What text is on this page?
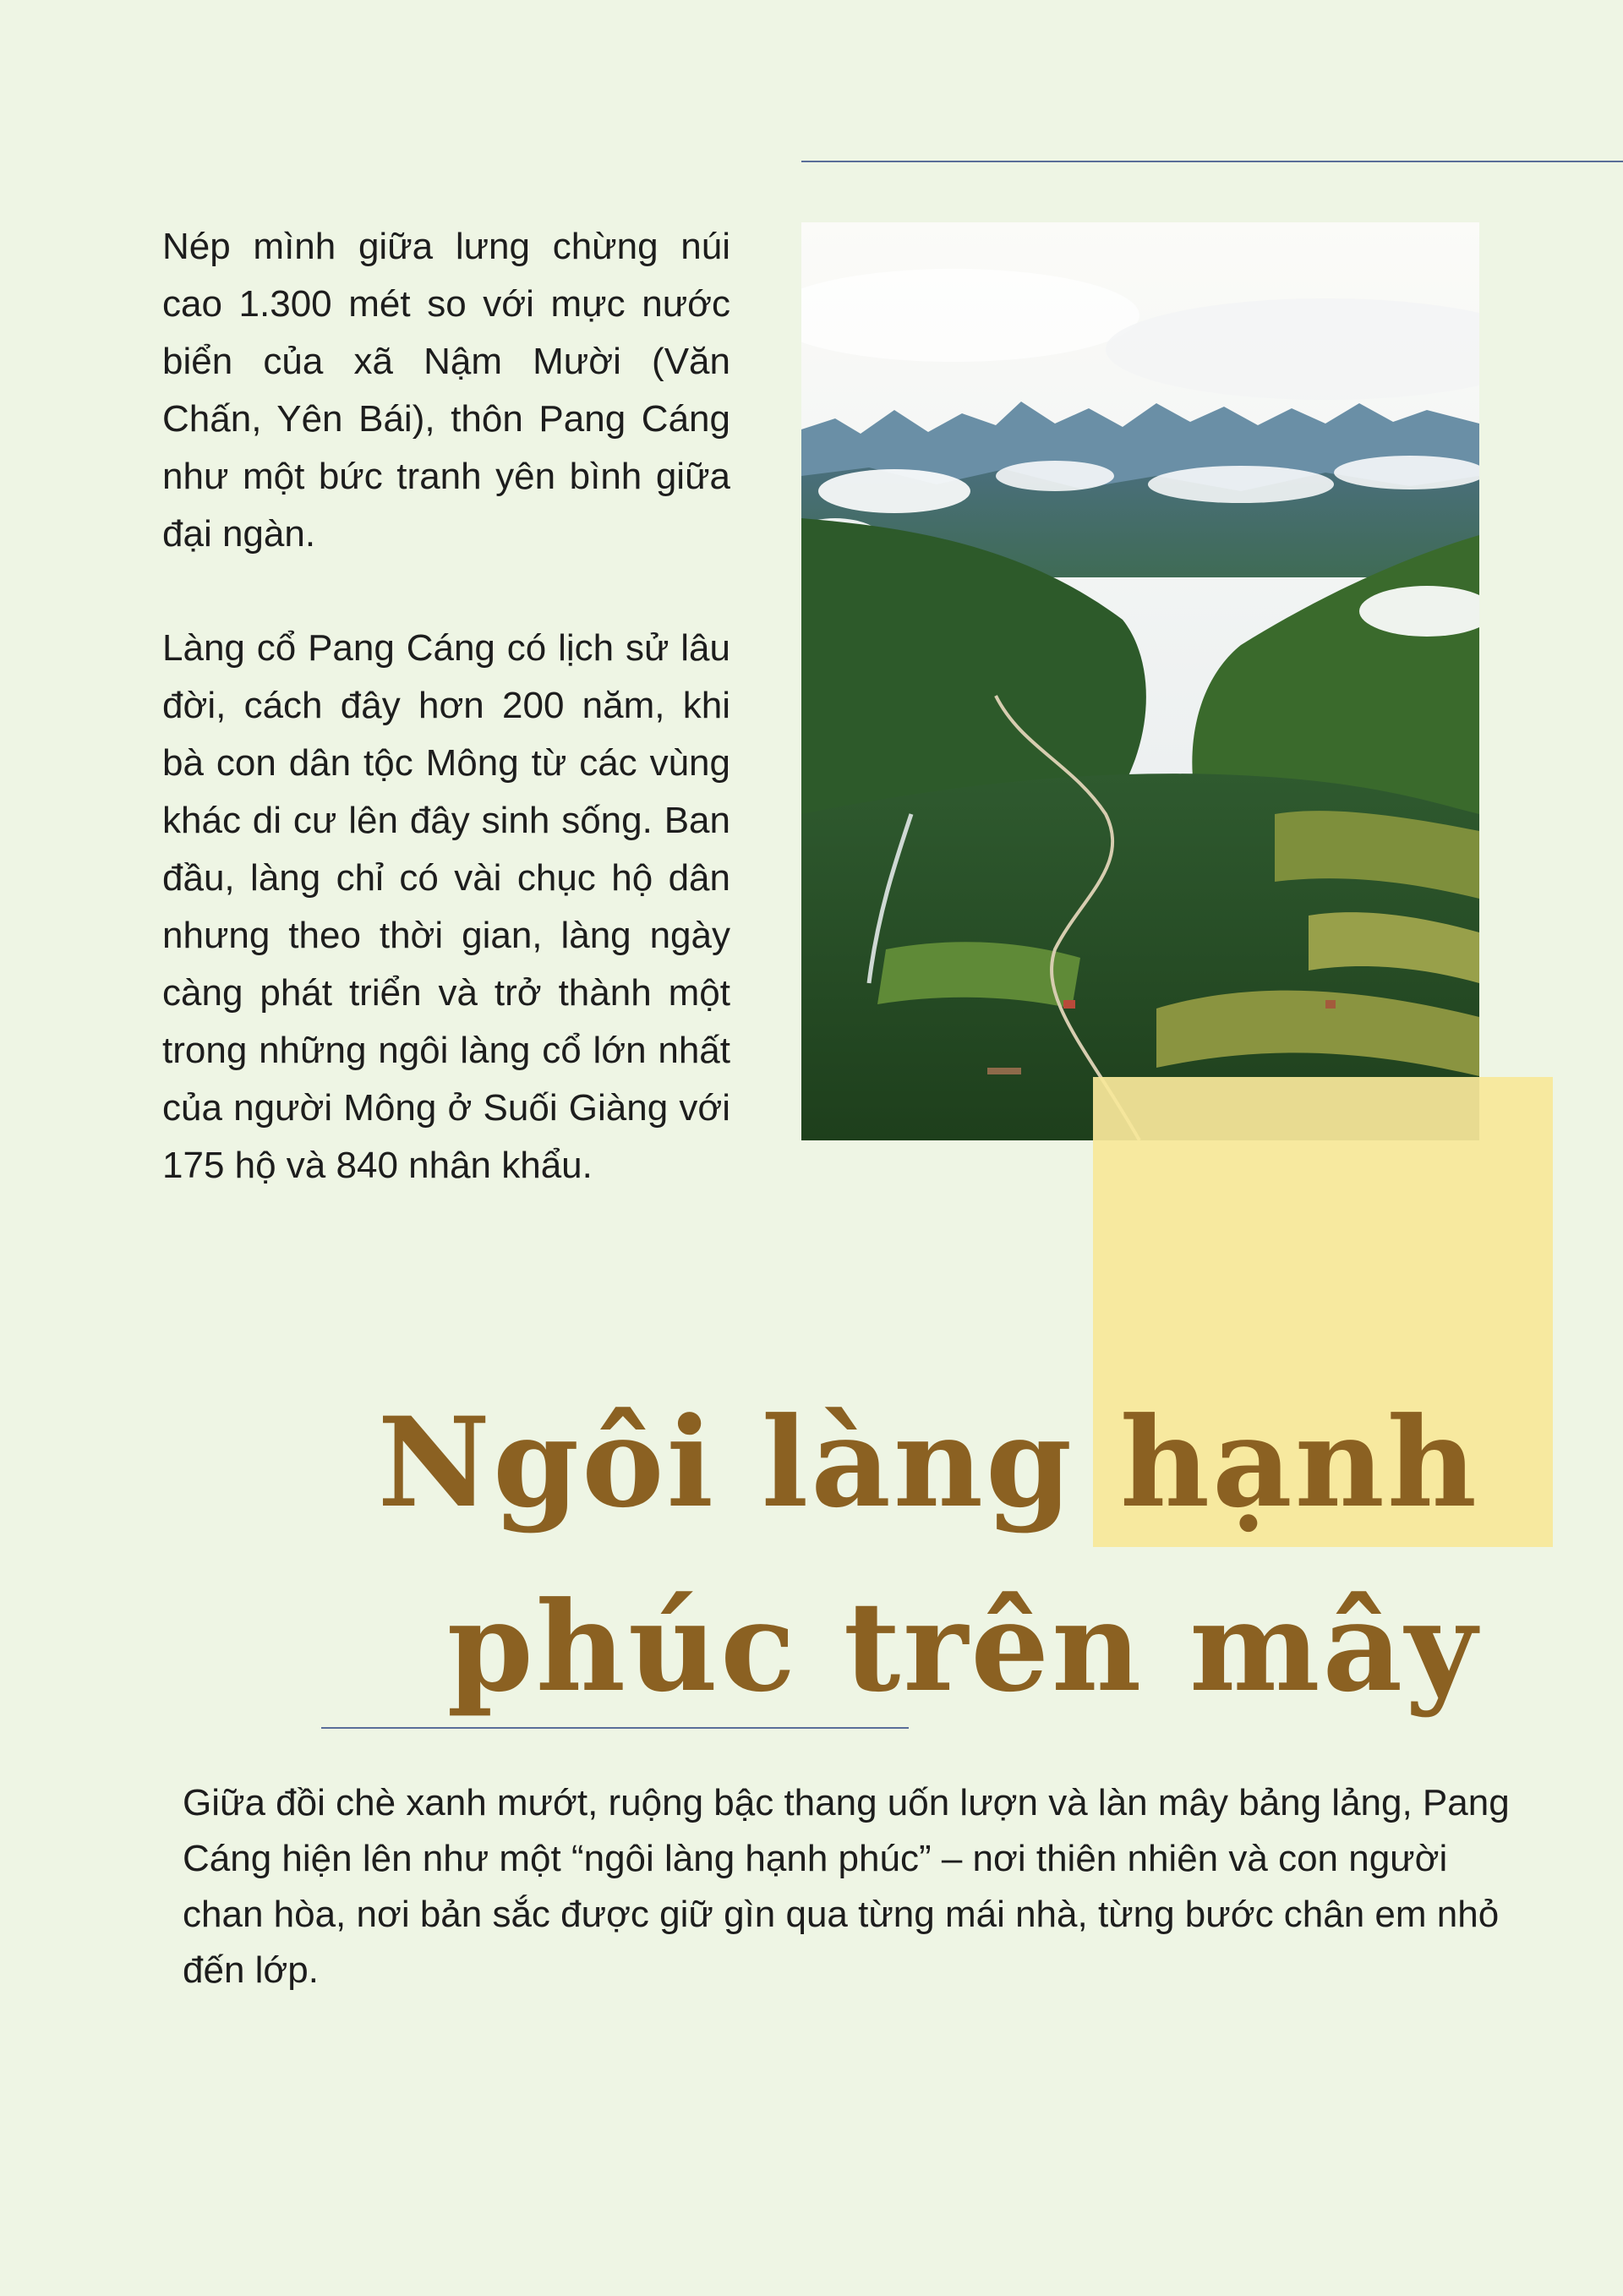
Nép mình giữa lưng chừng núi cao 1.300 mét so với mực nước biển của xã Nậm Mười (Văn Chấn, Yên Bái), thôn Pang Cáng như một bức tranh yên bình giữa đại ngàn.

Làng cổ Pang Cáng có lịch sử lâu đời, cách đây hơn 200 năm, khi bà con dân tộc Mông từ các vùng khác di cư lên đây sinh sống. Ban đầu, làng chỉ có vài chục hộ dân nhưng theo thời gian, làng ngày càng phát triển và trở thành một trong những ngôi làng cổ lớn nhất của người Mông ở Suối Giàng với 175 hộ và 840 nhân khẩu.

Ngôi làng hạnh
phúc trên mây

Giữa đồi chè xanh mướt, ruộng bậc thang uốn lượn và làn mây bảng lảng, Pang Cáng hiện lên như một “ngôi làng hạnh phúc” – nơi thiên nhiên và con người chan hòa, nơi bản sắc được giữ gìn qua từng mái nhà, từng bước chân em nhỏ đến lớp.
